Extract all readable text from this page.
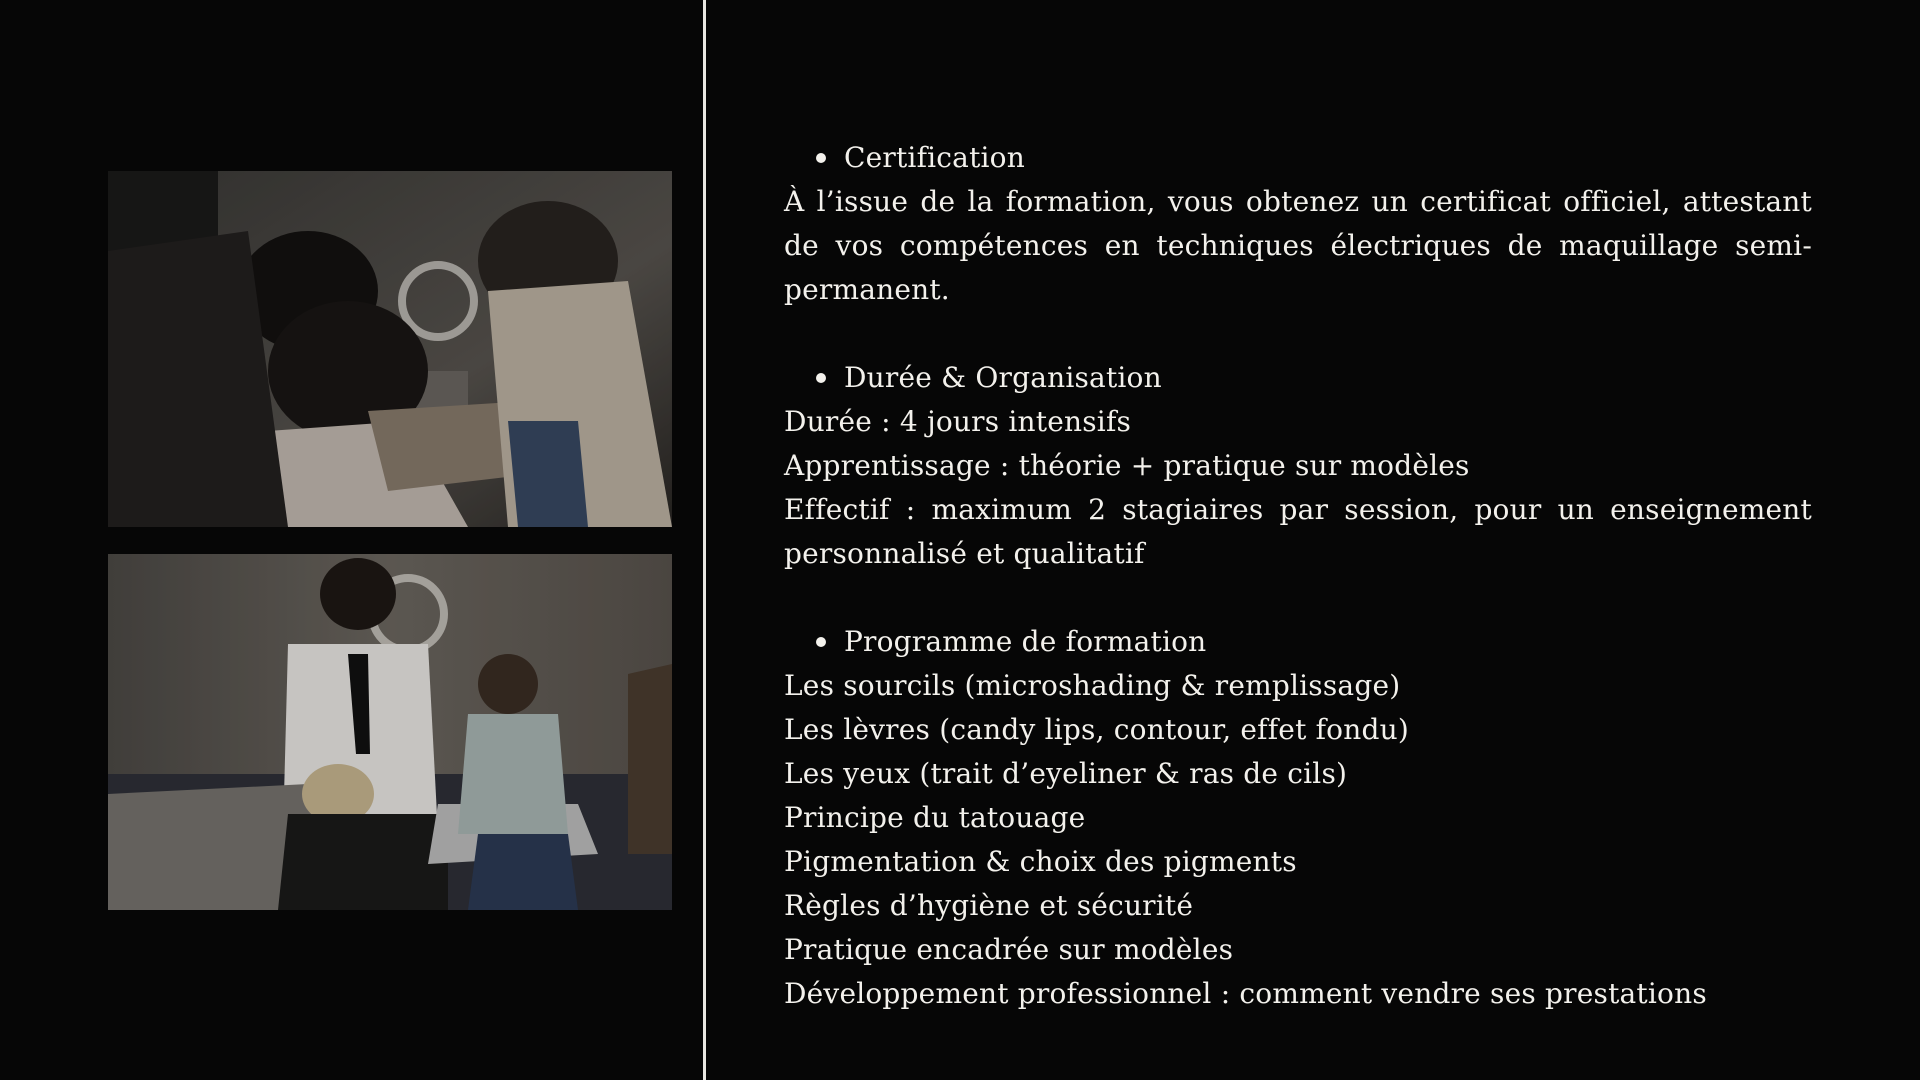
Certification

À l’issue de la formation, vous obtenez un certificat officiel, attestant de vos compétences en techniques électriques de maquillage semi-permanent.

Durée & Organisation

Durée : 4 jours intensifs

Apprentissage : théorie + pratique sur modèles

Effectif : maximum 2 stagiaires par session, pour un enseignement personnalisé et qualitatif

Programme de formation

Les sourcils (microshading & remplissage)

Les lèvres (candy lips, contour, effet fondu)

Les yeux (trait d’eyeliner & ras de cils)

Principe du tatouage

Pigmentation & choix des pigments

Règles d’hygiène et sécurité

Pratique encadrée sur modèles

Développement professionnel : comment vendre ses prestations
